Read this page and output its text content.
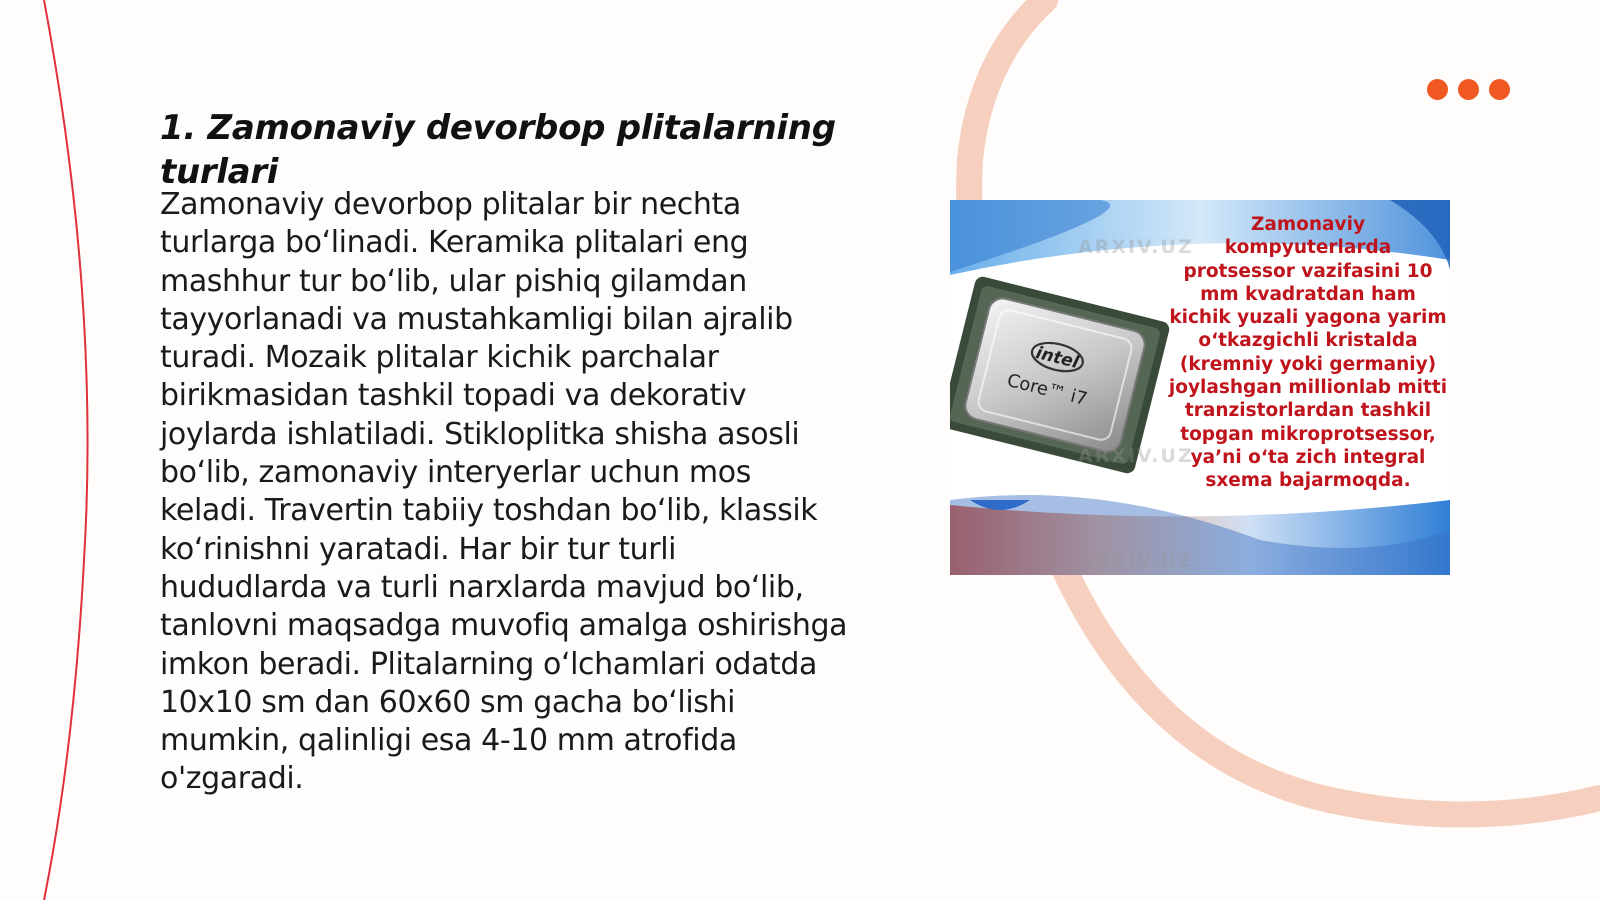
1. Zamonaviy devorbop plitalarning turlari

Zamonaviy devorbop plitalar bir nechta turlarga bo‘linadi. Keramika plitalari eng mashhur tur bo‘lib, ular pishiq gilamdan tayyorlanadi va mustahkamligi bilan ajralib turadi. Mozaik plitalar kichik parchalar birikmasidan tashkil topadi va dekorativ joylarda ishlatiladi. Stikloplitka shisha asosli bo‘lib, zamonaviy interyerlar uchun mos keladi. Travertin tabiiy toshdan bo‘lib, klassik ko‘rinishni yaratadi. Har bir tur turli hududlarda va turli narxlarda mavjud bo‘lib, tanlovni maqsadga muvofiq amalga oshirishga imkon beradi. Plitalarning o‘lchamlari odatda 10x10 sm dan 60x60 sm gacha bo‘lishi mumkin, qalinligi esa 4-10 mm atrofida o'zgaradi.

intel
Core™ i7
ARXIV.UZ
ARXIV.UZ
ARXIV.UZ

Zamonaviy kompyuterlarda protsessor vazifasini 10 mm kvadratdan ham kichik yuzali yagona yarim o‘tkazgichli kristalda (kremniy yoki germaniy) joylashgan millionlab mitti tranzistorlardan tashkil topgan mikroprotsessor, ya’ni o‘ta zich integral sxema bajarmoqda.
